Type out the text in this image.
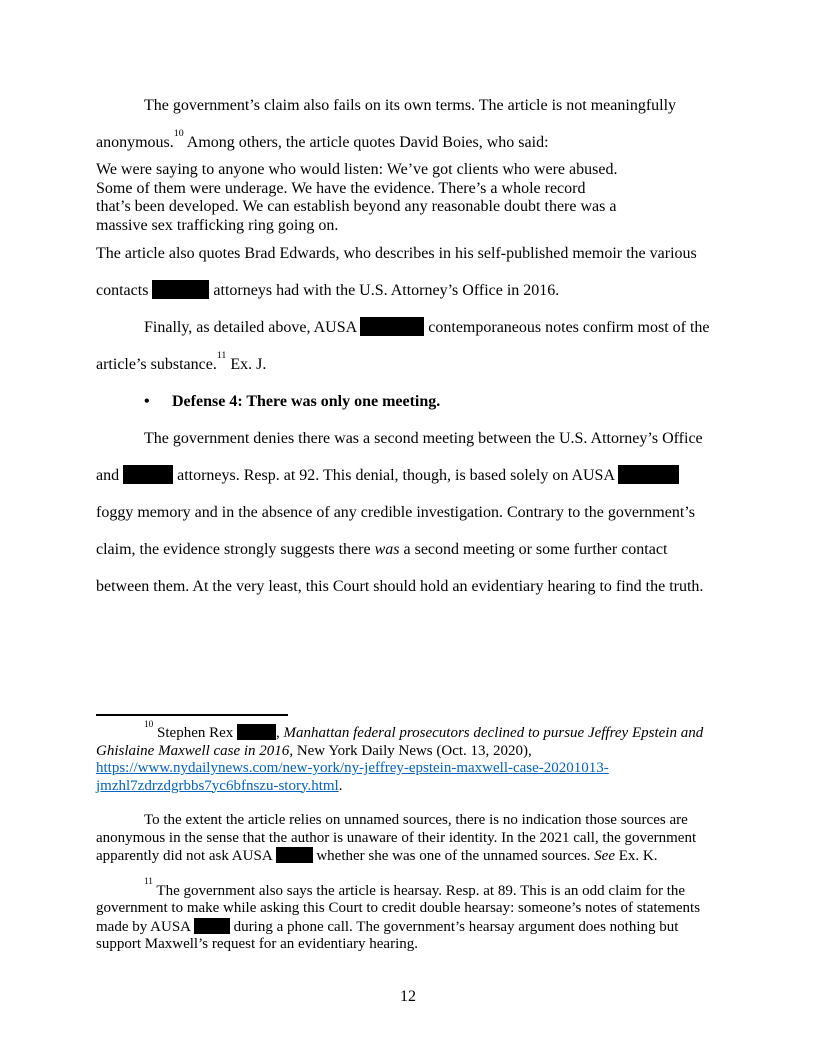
The government’s claim also fails on its own terms. The article is not meaningfully anonymous.$^{10}$ Among others, the article quotes David Boies, who said:

We were saying to anyone who would listen: We’ve got clients who were abused. Some of them were underage. We have the evidence. There’s a whole record that’s been developed. We can establish beyond any reasonable doubt there was a massive sex trafficking ring going on.

The article also quotes Brad Edwards, who describes in his self-published memoir the various contacts	attorneys had with the U.S. Attorney’s Office in 2016.

Finally, as detailed above, AUSA	contemporaneous notes confirm most of the article’s substance.$^{11}$ Ex. J.

• Defense 4: There was only one meeting.

The government denies there was a second meeting between the U.S. Attorney’s Office and	attorneys. Resp. at 92. This denial, though, is based solely on AUSA  foggy memory and in the absence of any credible investigation. Contrary to the government’s claim, the evidence strongly suggests there was a second meeting or some further contact between them. At the very least, this Court should hold an evidentiary hearing to find the truth.

$^{10}$ Stephen Rex	, Manhattan federal prosecutors declined to pursue Jeffrey Epstein and Ghislaine Maxwell case in 2016, New York Daily News (Oct. 13, 2020), https://www.nydailynews.com/new-york/ny-jeffrey-epstein-maxwell-case-20201013-jmzhl7zdrzdgrbbs7yc6bfnszu-story.html.

To the extent the article relies on unnamed sources, there is no indication those sources are anonymous in the sense that the author is unaware of their identity. In the 2021 call, the government apparently did not ask AUSA  whether she was one of the unnamed sources. See Ex. K.

$^{11}$ The government also says the article is hearsay. Resp. at 89. This is an odd claim for the government to make while asking this Court to credit double hearsay: someone’s notes of statements made by AUSA  during a phone call. The government’s hearsay argument does nothing but support Maxwell’s request for an evidentiary hearing.

12
